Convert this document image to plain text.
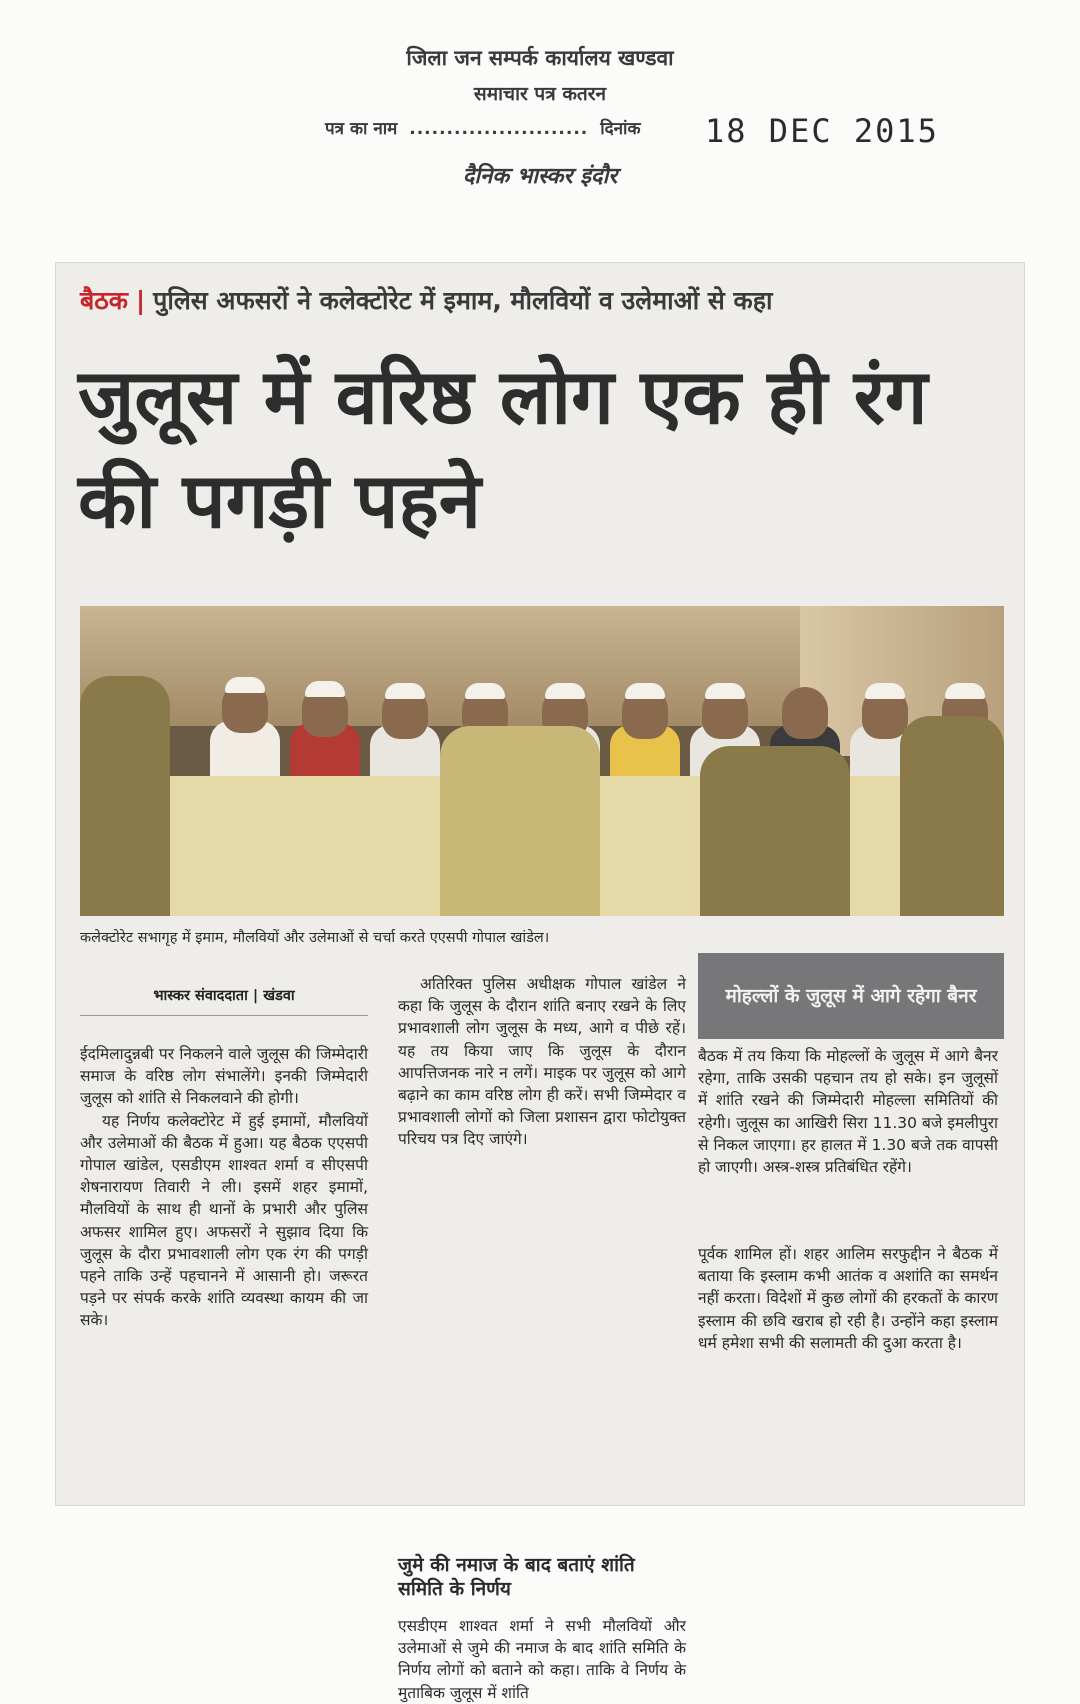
जिला जन सम्पर्क कार्यालय खण्डवा
समाचार पत्र कतरन
पत्र का नाम ........................ दिनांक 18 DEC 2015
दैनिक भास्कर इंदौर
बैठक | पुलिस अफसरों ने कलेक्टोरेट में इमाम, मौलवियों व उलेमाओं से कहा
जुलूस में वरिष्ठ लोग एक ही रंग की पगड़ी पहने
कलेक्टोरेट सभागृह में इमाम, मौलवियों और उलेमाओं से चर्चा करते एएसपी गोपाल खांडेल।
भास्कर संवाददाता | खंडवा

ईदमिलादुन्नबी पर निकलने वाले जुलूस की जिम्मेदारी समाज के वरिष्ठ लोग संभालेंगे। इनकी जिम्मेदारी जुलूस को शांति से निकलवाने की होगी।

यह निर्णय कलेक्टोरेट में हुई इमामों, मौलवियों और उलेमाओं की बैठक में हुआ। यह बैठक एएसपी गोपाल खांडेल, एसडीएम शाश्वत शर्मा व सीएसपी शेषनारायण तिवारी ने ली। इसमें शहर इमामों, मौलवियों के साथ ही थानों के प्रभारी और पुलिस अफसर शामिल हुए। अफसरों ने सुझाव दिया कि जुलूस के दौरा प्रभावशाली लोग एक रंग की पगड़ी पहने ताकि उन्हें पहचानने में आसानी हो। जरूरत पड़ने पर संपर्क करके शांति व्यवस्था कायम की जा सके।

अतिरिक्त पुलिस अधीक्षक गोपाल खांडेल ने कहा कि जुलूस के दौरान शांति बनाए रखने के लिए प्रभावशाली लोग जुलूस के मध्य, आगे व पीछे रहें। यह तय किया जाए कि जुलूस के दौरान आपत्तिजनक नारे न लगें। माइक पर जुलूस को आगे बढ़ाने का काम वरिष्ठ लोग ही करें। सभी जिम्मेदार व प्रभावशाली लोगों को जिला प्रशासन द्वारा फोटोयुक्त परिचय पत्र दिए जाएंगे।

जुमे की नमाज के बाद बताएं शांति समिति के निर्णय

एसडीएम शाश्वत शर्मा ने सभी मौलवियों और उलेमाओं से जुमे की नमाज के बाद शांति समिति के निर्णय लोगों को बताने को कहा। ताकि वे निर्णय के मुताबिक जुलूस में शांति

मोहल्लों के जुलूस में आगे रहेगा बैनर

बैठक में तय किया कि मोहल्लों के जुलूस में आगे बैनर रहेगा, ताकि उसकी पहचान तय हो सके। इन जुलूसों में शांति रखने की जिम्मेदारी मोहल्ला समितियों की रहेगी। जुलूस का आखिरी सिरा 11.30 बजे इमलीपुरा से निकल जाएगा। हर हालत में 1.30 बजे तक वापसी हो जाएगी। अस्त्र-शस्त्र प्रतिबंधित रहेंगे।

पूर्वक शामिल हों। शहर आलिम सरफुद्दीन ने बैठक में बताया कि इस्लाम कभी आतंक व अशांति का समर्थन नहीं करता। विदेशों में कुछ लोगों की हरकतों के कारण इस्लाम की छवि खराब हो रही है। उन्होंने कहा इस्लाम धर्म हमेशा सभी की सलामती की दुआ करता है।
